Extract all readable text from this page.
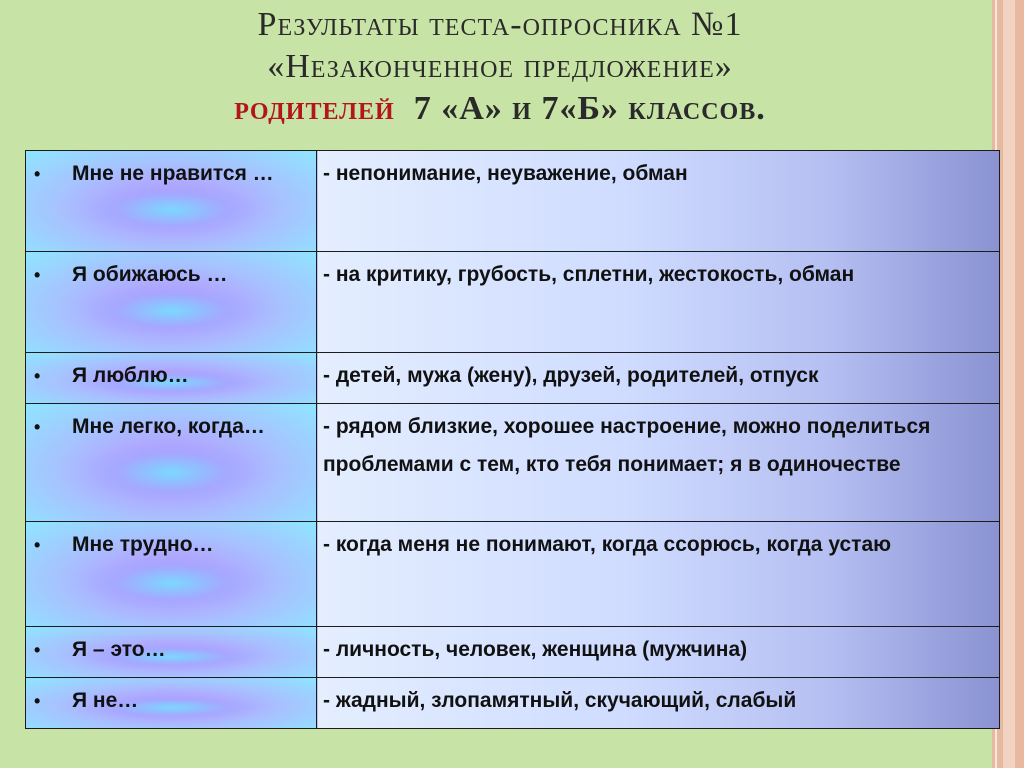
Результаты теста-опросника №1
«Незаконченное предложение»
родителей 7 «А» и 7«Б» классов.
• Мне не нравится …	- непонимание, неуважение, обман

• Я обижаюсь …	- на критику, грубость, сплетни, жестокость, обман

• Я люблю…	- детей, мужа (жену), друзей, родителей, отпуск

• Мне легко, когда…	- рядом близкие, хорошее настроение, можно поделиться проблемами с тем, кто тебя понимает; я в одиночестве

• Мне трудно…	- когда меня не понимают, когда ссорюсь, когда устаю

• Я – это…	- личность, человек, женщина (мужчина)

• Я не…	- жадный, злопамятный, скучающий, слабый
